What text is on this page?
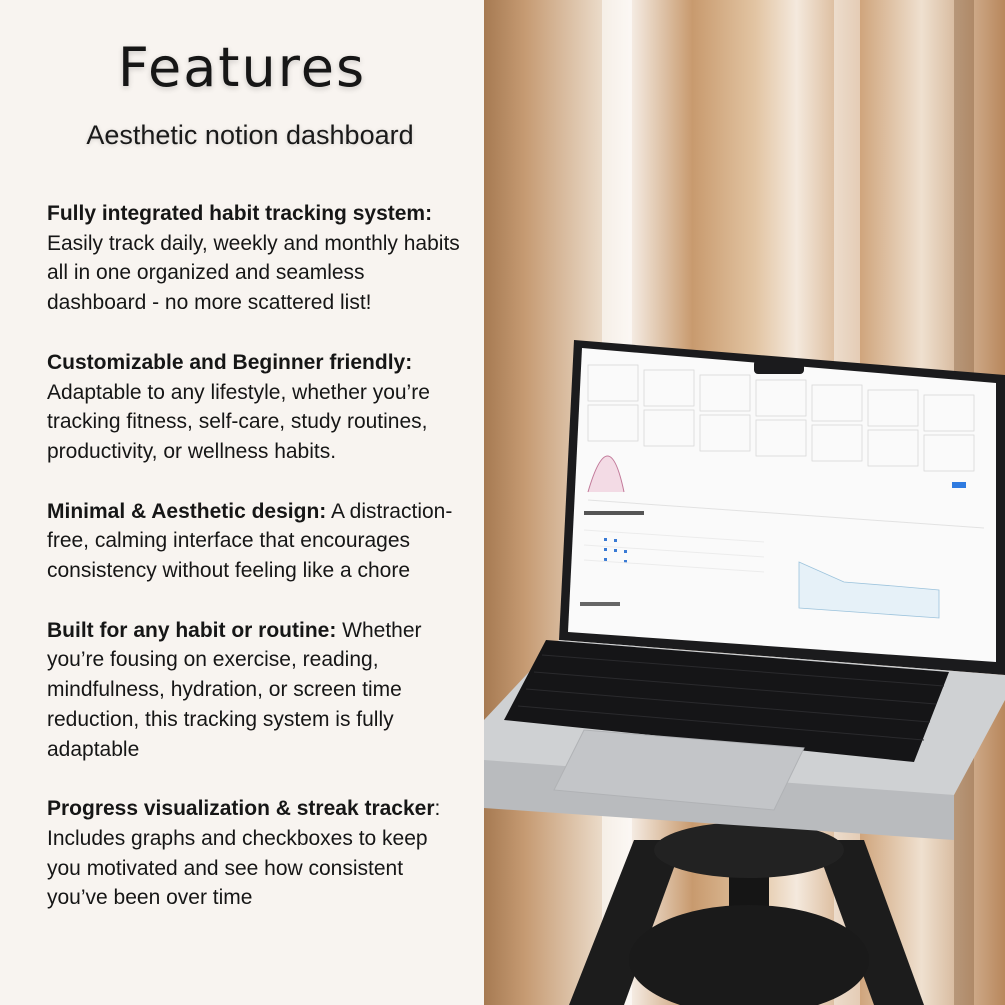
Features
Aesthetic notion dashboard

Fully integrated habit tracking system:
Easily track daily, weekly and monthly habits all in one organized and seamless dashboard - no more scattered list!

Customizable and Beginner friendly:
Adaptable to any lifestyle, whether you’re tracking fitness, self-care, study routines, productivity, or wellness habits.

Minimal & Aesthetic design: A distraction-free, calming interface that encourages consistency without feeling like a chore

Built for any habit or routine: Whether you’re fousing on exercise, reading, mindfulness, hydration, or screen time reduction, this tracking system is fully adaptable

Progress visualization & streak tracker:
Includes graphs and checkboxes to keep you motivated and see how consistent you’ve been over time
